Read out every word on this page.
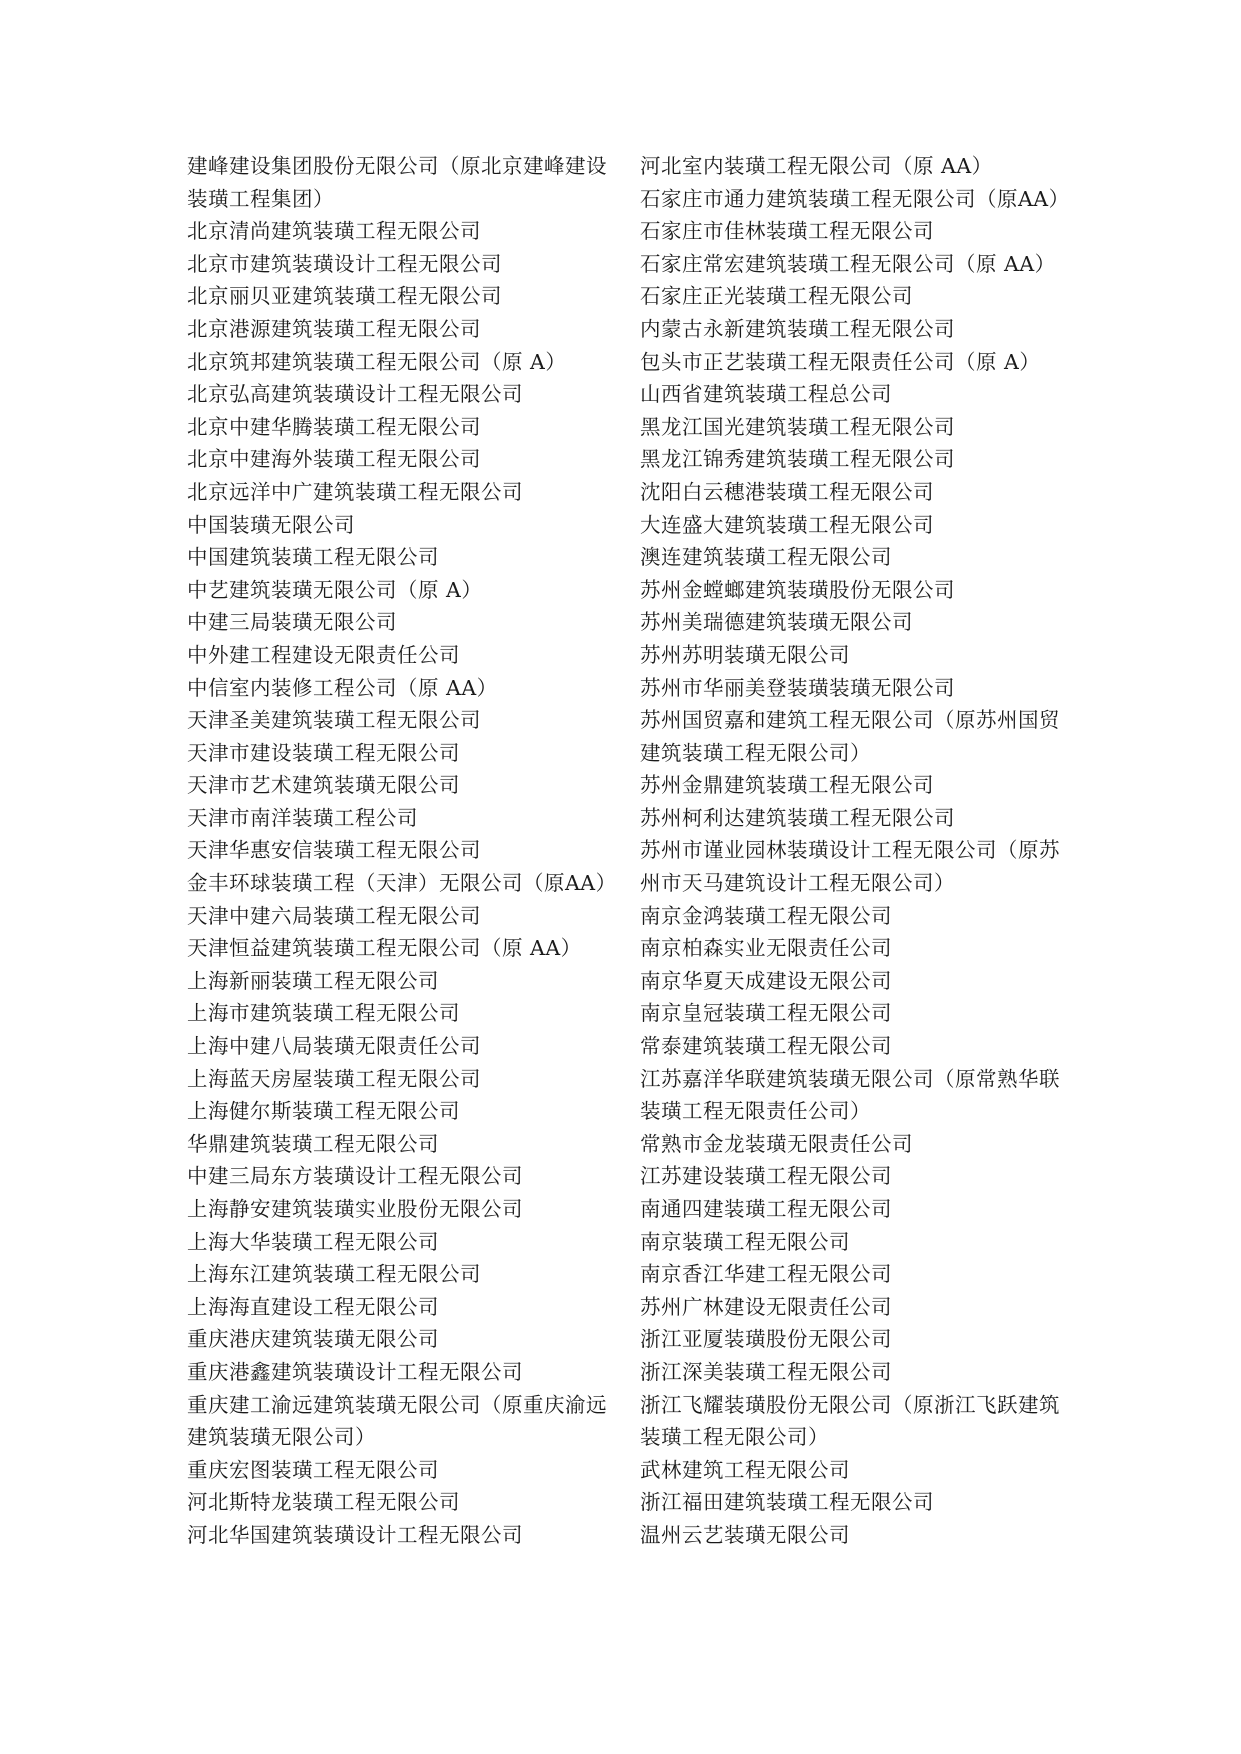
建峰建设集团股份无限公司（原北京建峰建设装璜工程集团）

北京清尚建筑装璜工程无限公司

北京市建筑装璜设计工程无限公司

北京丽贝亚建筑装璜工程无限公司

北京港源建筑装璜工程无限公司

北京筑邦建筑装璜工程无限公司（原 A）

北京弘高建筑装璜设计工程无限公司

北京中建华腾装璜工程无限公司

北京中建海外装璜工程无限公司

北京远洋中广建筑装璜工程无限公司

中国装璜无限公司

中国建筑装璜工程无限公司

中艺建筑装璜无限公司（原 A）

中建三局装璜无限公司

中外建工程建设无限责任公司

中信室内装修工程公司（原 AA）

天津圣美建筑装璜工程无限公司

天津市建设装璜工程无限公司

天津市艺术建筑装璜无限公司

天津市南洋装璜工程公司

天津华惠安信装璜工程无限公司

金丰环球装璜工程（天津）无限公司（原AA）

天津中建六局装璜工程无限公司

天津恒益建筑装璜工程无限公司（原 AA）

上海新丽装璜工程无限公司

上海市建筑装璜工程无限公司

上海中建八局装璜无限责任公司

上海蓝天房屋装璜工程无限公司

上海健尔斯装璜工程无限公司

华鼎建筑装璜工程无限公司

中建三局东方装璜设计工程无限公司

上海静安建筑装璜实业股份无限公司

上海大华装璜工程无限公司

上海东江建筑装璜工程无限公司

上海海直建设工程无限公司

重庆港庆建筑装璜无限公司

重庆港鑫建筑装璜设计工程无限公司

重庆建工渝远建筑装璜无限公司（原重庆渝远建筑装璜无限公司）

重庆宏图装璜工程无限公司

河北斯特龙装璜工程无限公司

河北华国建筑装璜设计工程无限公司

河北室内装璜工程无限公司（原 AA）

石家庄市通力建筑装璜工程无限公司（原AA）

石家庄市佳林装璜工程无限公司

石家庄常宏建筑装璜工程无限公司（原 AA）

石家庄正光装璜工程无限公司

内蒙古永新建筑装璜工程无限公司

包头市正艺装璜工程无限责任公司（原 A）

山西省建筑装璜工程总公司

黑龙江国光建筑装璜工程无限公司

黑龙江锦秀建筑装璜工程无限公司

沈阳白云穗港装璜工程无限公司

大连盛大建筑装璜工程无限公司

澳连建筑装璜工程无限公司

苏州金螳螂建筑装璜股份无限公司

苏州美瑞德建筑装璜无限公司

苏州苏明装璜无限公司

苏州市华丽美登装璜装璜无限公司

苏州国贸嘉和建筑工程无限公司（原苏州国贸建筑装璜工程无限公司）

苏州金鼎建筑装璜工程无限公司

苏州柯利达建筑装璜工程无限公司

苏州市谨业园林装璜设计工程无限公司（原苏州市天马建筑设计工程无限公司）

南京金鸿装璜工程无限公司

南京柏森实业无限责任公司

南京华夏天成建设无限公司

南京皇冠装璜工程无限公司

常泰建筑装璜工程无限公司

江苏嘉洋华联建筑装璜无限公司（原常熟华联装璜工程无限责任公司）

常熟市金龙装璜无限责任公司

江苏建设装璜工程无限公司

南通四建装璜工程无限公司

南京装璜工程无限公司

南京香江华建工程无限公司

苏州广林建设无限责任公司

浙江亚厦装璜股份无限公司

浙江深美装璜工程无限公司

浙江飞耀装璜股份无限公司（原浙江飞跃建筑装璜工程无限公司）

武林建筑工程无限公司

浙江福田建筑装璜工程无限公司

温州云艺装璜无限公司
